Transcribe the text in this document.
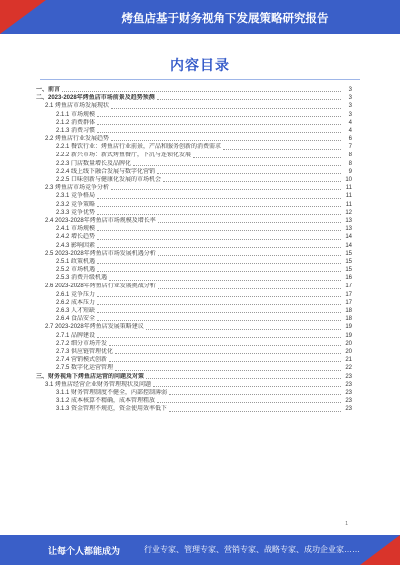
烤鱼店基于财务视角下发展策略研究报告
内容目录
一、前言	3
二、2023-2028年烤鱼店市场前景及趋势预测	3
2.1 烤鱼店市场发展现状	3
2.1.1 市场规模	3
2.1.2 消费群体	4
2.1.3 消费习惯	4
2.2 烤鱼店行业发展趋势	6
2.2.1 餐饮行业：烤鱼店行业前景，产品和服务创新的消费需求	7
2.2.2 新兴市场：新式烤鱼餐厅，下沉与连锁化发展	8
2.2.3 门店数量增长及品牌化	8
2.2.4 线上线下融合发展与数字化营销	9
2.2.5 口味创新与健康化发展的市场机会	10
2.3 烤鱼店市场竞争分析	11
2.3.1 竞争格局	11
2.3.2 竞争策略	11
2.3.3 竞争优势	12
2.4 2023-2028年烤鱼店市场规模及增长率	13
2.4.1 市场规模	13
2.4.2 增长趋势	14
2.4.3 影响因素	14
2.5 2023-2028年烤鱼店市场发展机遇分析	15
2.5.1 政策机遇	15
2.5.2 市场机遇	15
2.5.3 消费升级机遇	16
2.6 2023-2028年烤鱼店行业发展挑战分析	17
2.6.1 竞争压力	17
2.6.2 成本压力	17
2.6.3 人才短缺	18
2.6.4 食品安全	18
2.7 2023-2028年烤鱼店发展策略建议	19
2.7.1 品牌建设	19
2.7.2 细分市场开发	20
2.7.3 供应链管理优化	20
2.7.4 营销模式创新	21
2.7.5 数字化运营管理	22
三、财务视角下烤鱼店运营的问题及对策	23
3.1 烤鱼店经营企业财务管理现状及问题	23
3.1.1 财务管理制度不健全，内部控制薄弱	23
3.1.2 成本核算不精确，成本管理粗放	23
3.1.3 资金管理不规范，资金使用效率低下	23
1
让每个人都能成为	行业专家、管理专家、营销专家、战略专家、成功企业家……
